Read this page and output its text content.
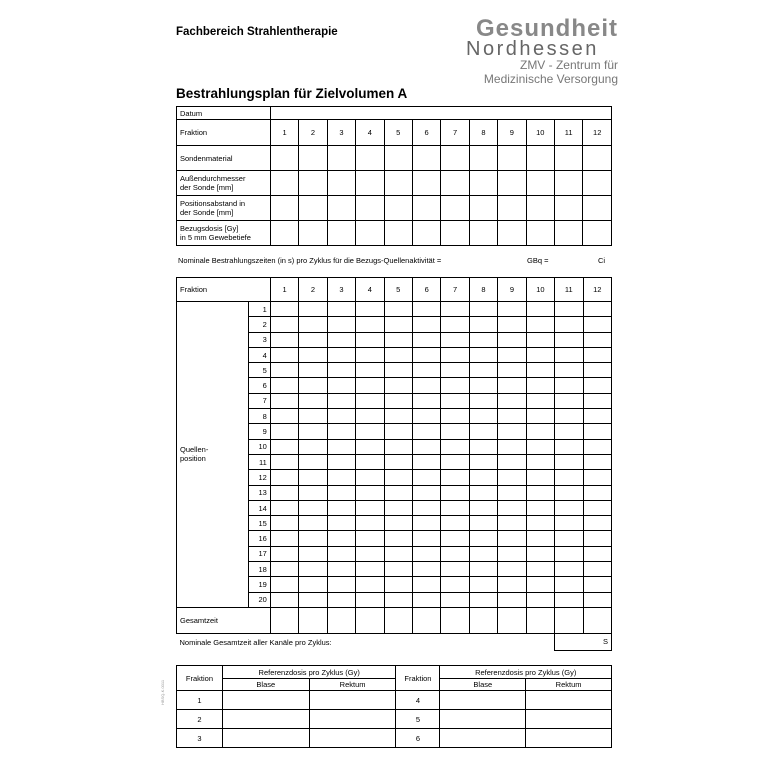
Fachbereich Strahlentherapie	Gesundheit
Nordhessen
ZMV - Zentrum für
Medizinische Versorgung
Bestrahlungsplan für Zielvolumen A
Datum												
Fraktion	1	2	3	4	5	6	7	8	9	10	11	12

Sondenmaterial												

Außendurchmesser
der Sonde [mm]												

Positionsabstand in
der Sonde [mm]												

Bezugsdosis [Gy]
in 5 mm Gewebetiefe												

Nominale Bestrahlungszeiten (in s) pro Zyklus für die Bezugs-Quellenaktivität =	GBq =	Ci
Fraktion		1	2	3	4	5	6	7	8	9	10	11	12

Quellen-
position	1												
	2												
	3												
	4												
	5												
	6												
	7												
	8												
	9												
	10												
	11												
	12												
	13												
	14												
	15												
	16												
	17												
	18												
	19												
	20												
Gesamtzeit													
Nominale Gesamtzeit aller Kanäle pro Zyklus:												S	
Fraktion	Referenzdosis pro Zyklus (Gy)		Fraktion	Referenzdosis pro Zyklus (Gy)	
	Blase	Rektum		Blase	Rektum
1			4		
2			5		
3			6		
HBSQ-K.0011
